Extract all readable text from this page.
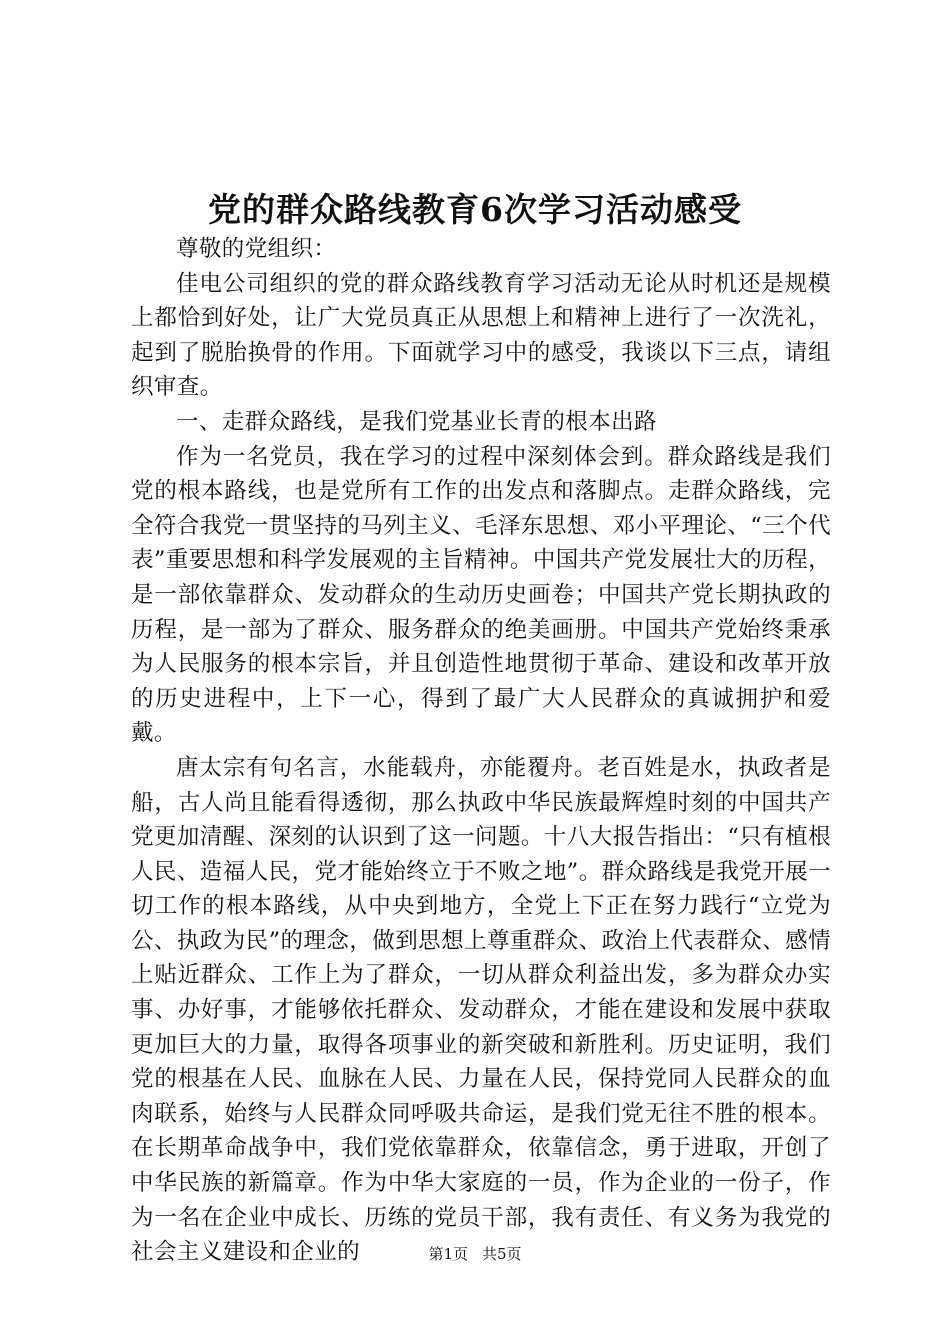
党的群众路线教育6次学习活动感受

尊敬的党组织：

佳电公司组织的党的群众路线教育学习活动无论从时机还是规模上都恰到好处，让广大党员真正从思想上和精神上进行了一次洗礼，起到了脱胎换骨的作用。下面就学习中的感受，我谈以下三点，请组织审查。

一、走群众路线，是我们党基业长青的根本出路

作为一名党员，我在学习的过程中深刻体会到。群众路线是我们党的根本路线，也是党所有工作的出发点和落脚点。走群众路线，完全符合我党一贯坚持的马列主义、毛泽东思想、邓小平理论、“三个代表”重要思想和科学发展观的主旨精神。中国共产党发展壮大的历程，是一部依靠群众、发动群众的生动历史画卷；中国共产党长期执政的历程，是一部为了群众、服务群众的绝美画册。中国共产党始终秉承为人民服务的根本宗旨，并且创造性地贯彻于革命、建设和改革开放的历史进程中，上下一心，得到了最广大人民群众的真诚拥护和爱戴。

唐太宗有句名言，水能载舟，亦能覆舟。老百姓是水，执政者是船，古人尚且能看得透彻，那么执政中华民族最辉煌时刻的中国共产党更加清醒、深刻的认识到了这一问题。十八大报告指出：“只有植根人民、造福人民，党才能始终立于不败之地”。群众路线是我党开展一切工作的根本路线，从中央到地方，全党上下正在努力践行“立党为公、执政为民”的理念，做到思想上尊重群众、政治上代表群众、感情上贴近群众、工作上为了群众，一切从群众利益出发，多为群众办实事、办好事，才能够依托群众、发动群众，才能在建设和发展中获取更加巨大的力量，取得各项事业的新突破和新胜利。历史证明，我们党的根基在人民、血脉在人民、力量在人民，保持党同人民群众的血肉联系，始终与人民群众同呼吸共命运，是我们党无往不胜的根本。在长期革命战争中，我们党依靠群众，依靠信念，勇于进取，开创了中华民族的新篇章。作为中华大家庭的一员，作为企业的一份子，作为一名在企业中成长、历练的党员干部，我有责任、有义务为我党的社会主义建设和企业的	第1页 共5页
